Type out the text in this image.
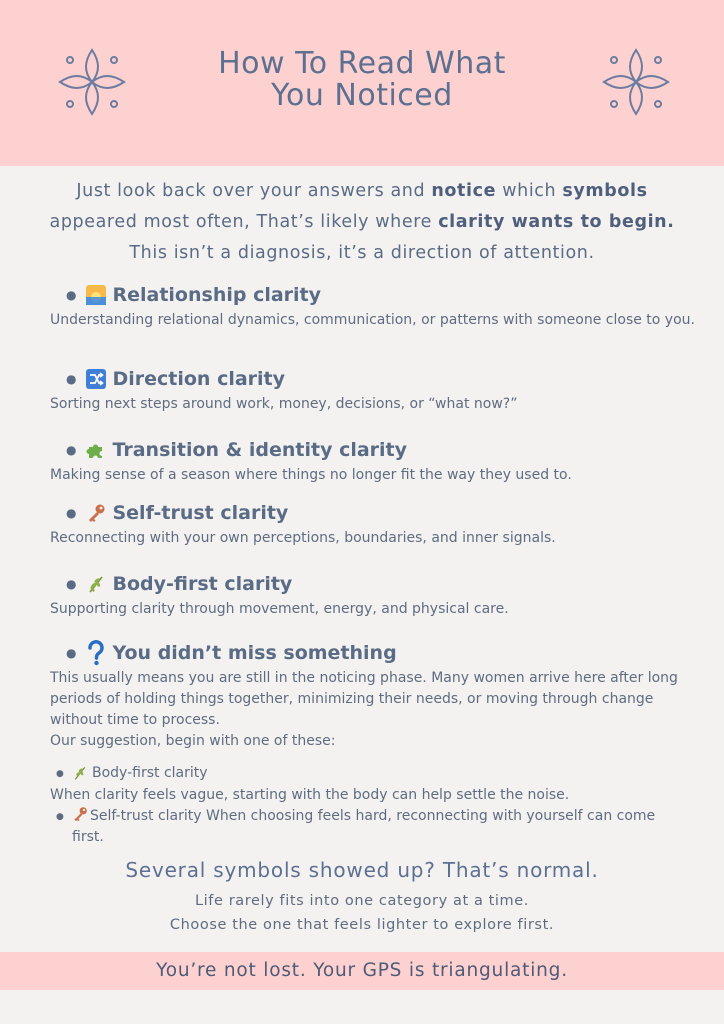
How To Read What
You Noticed
Just look back over your answers and notice which symbols
appeared most often, That’s likely where clarity wants to begin.
This isn’t a diagnosis, it’s a direction of attention.
● Relationship clarity
Understanding relational dynamics, communication, or patterns with someone close to you.
● Direction clarity
Sorting next steps around work, money, decisions, or “what now?”
● Transition & identity clarity
Making sense of a season where things no longer fit the way they used to.
● Self-trust clarity
Reconnecting with your own perceptions, boundaries, and inner signals.
● Body-first clarity
Supporting clarity through movement, energy, and physical care.
● You didn’t miss something
This usually means you are still in the noticing phase. Many women arrive here after long periods of holding things together, minimizing their needs, or moving through change without time to process.
Our suggestion, begin with one of these:
●	Body-first clarity
When clarity feels vague, starting with the body can help settle the noise.
●	Self-trust clarity When choosing feels hard, reconnecting with yourself can come first.
Several symbols showed up? That’s normal.
Life rarely fits into one category at a time.
Choose the one that feels lighter to explore first.
You’re not lost. Your GPS is triangulating.
